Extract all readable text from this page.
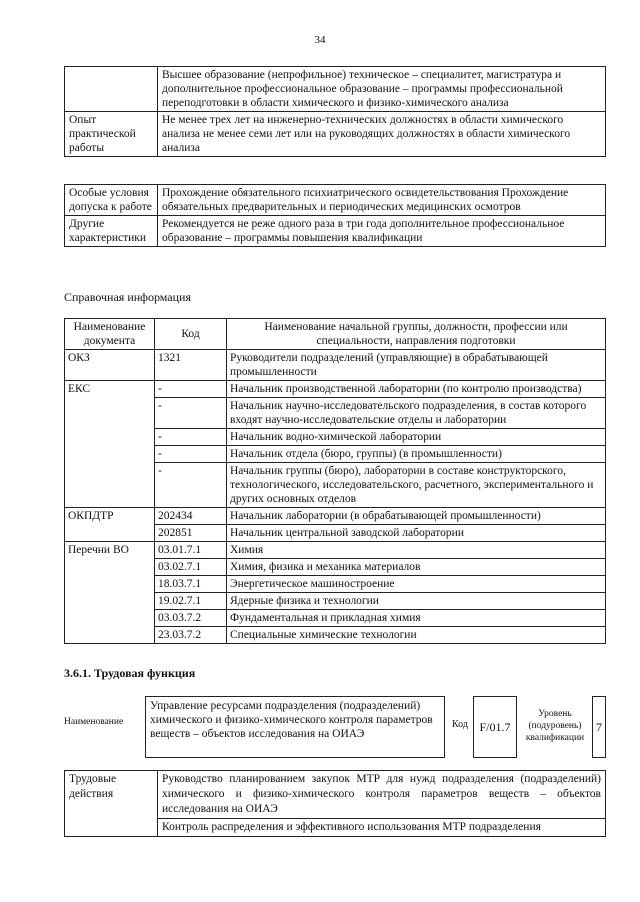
34
	Высшее образование (непрофильное) техническое – специалитет, магистратура и дополнительное профессиональное образование – программы профессиональной переподготовки в области химического и физико-химического анализа
Опыт практической работы	Не менее трех лет на инженерно-технических должностях в области химического анализа не менее семи лет или на руководящих должностях в области химического анализа
Особые условия допуска к работе	Прохождение обязательного психиатрического освидетельствования Прохождение обязательных предварительных и периодических медицинских осмотров
Другие характеристики	Рекомендуется не реже одного раза в три года дополнительное профессиональное образование – программы повышения квалификации
Справочная информация
Наименование документа	Код	Наименование начальной группы, должности, профессии или специальности, направления подготовки
ОКЗ	1321	Руководители подразделений (управляющие) в обрабатывающей промышленности
ЕКС	-	Начальник производственной лаборатории (по контролю производства)
	-	Начальник научно-исследовательского подразделения, в состав которого входят научно-исследовательские отделы и лаборатории
	-	Начальник водно-химической лаборатории
	-	Начальник отдела (бюро, группы) (в промышленности)
	-	Начальник группы (бюро), лаборатории в составе конструкторского, технологического, исследовательского, расчетного, экспериментального и других основных отделов
ОКПДТР	202434	Начальник лаборатории (в обрабатывающей промышленности)
	202851	Начальник центральной заводской лаборатории
Перечни ВО	03.01.7.1	Химия
	03.02.7.1	Химия, физика и механика материалов
	18.03.7.1	Энергетическое машиностроение
	19.02.7.1	Ядерные физика и технологии
	03.03.7.2	Фундаментальная и прикладная химия
	23.03.7.2	Специальные химические технологии
3.6.1. Трудовая функция
Наименование
Управление ресурсами подразделения (подразделений) химического и физико-химического контроля параметров веществ – объектов исследования на ОИАЭ
Код F/01.7
Уровень (подуровень) квалификации
7
Трудовые действия	Руководство планированием закупок МТР для нужд подразделения (подразделений) химического и физико-химического контроля параметров веществ – объектов исследования на ОИАЭ
Контроль распределения и эффективного использования МТР подразделения
